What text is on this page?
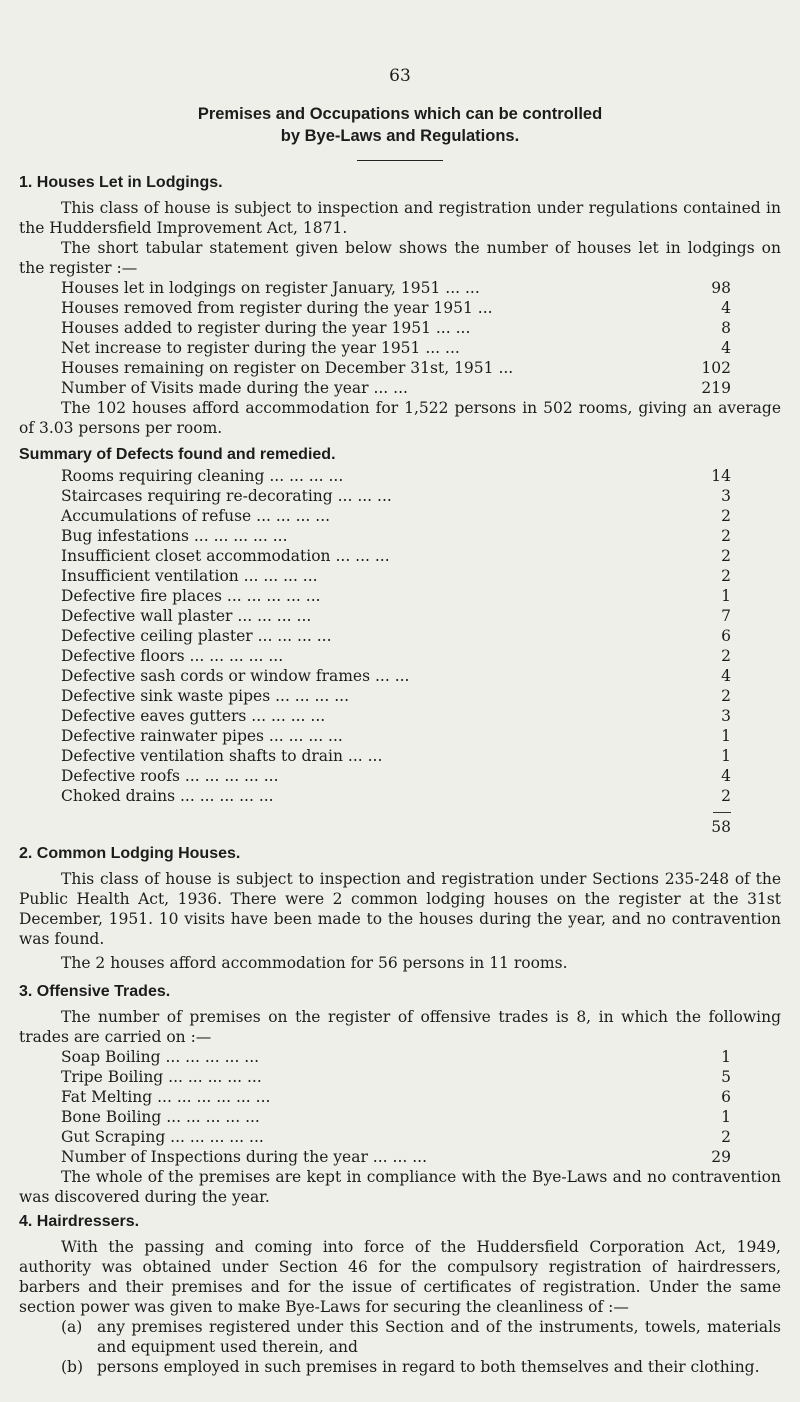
63
Premises and Occupations which can be controlled
by Bye-Laws and Regulations.
1. Houses Let in Lodgings.

This class of house is subject to inspection and registration under regulations contained in the Huddersfield Improvement Act, 1871.

The short tabular statement given below shows the number of houses let in lodgings on the register :—

Houses let in lodgings on register January, 1951 ... ...	98
Houses removed from register during the year 1951 ...	4
Houses added to register during the year 1951 ... ...	8
Net increase to register during the year 1951 ... ...	4
Houses remaining on register on December 31st, 1951 ...	102
Number of Visits made during the year ... ...	219

The 102 houses afford accommodation for 1,522 persons in 502 rooms, giving an average of 3.03 persons per room.

Summary of Defects found and remedied.
Rooms requiring cleaning ... ... ... ...	14
Staircases requiring re-decorating ... ... ...	3
Accumulations of refuse ... ... ... ...	2
Bug infestations ... ... ... ... ...	2
Insufficient closet accommodation ... ... ...	2
Insufficient ventilation ... ... ... ...	2
Defective fire places ... ... ... ... ...	1
Defective wall plaster ... ... ... ...	7
Defective ceiling plaster ... ... ... ...	6
Defective floors ... ... ... ... ...	2
Defective sash cords or window frames ... ...	4
Defective sink waste pipes ... ... ... ...	2
Defective eaves gutters ... ... ... ...	3
Defective rainwater pipes ... ... ... ...	1
Defective ventilation shafts to drain ... ...	1
Defective roofs ... ... ... ... ...	4
Choked drains ... ... ... ... ...	2
58
2. Common Lodging Houses.

This class of house is subject to inspection and registration under Sections 235-248 of the Public Health Act, 1936. There were 2 common lodging houses on the register at the 31st December, 1951. 10 visits have been made to the houses during the year, and no contravention was found.

The 2 houses afford accommodation for 56 persons in 11 rooms.

3. Offensive Trades.

The number of premises on the register of offensive trades is 8, in which the following trades are carried on :—

Soap Boiling ... ... ... ... ...	1
Tripe Boiling ... ... ... ... ...	5
Fat Melting ... ... ... ... ... ...	6
Bone Boiling ... ... ... ... ...	1
Gut Scraping ... ... ... ... ...	2
Number of Inspections during the year ... ... ...	29

The whole of the premises are kept in compliance with the Bye-Laws and no contravention was discovered during the year.

4. Hairdressers.

With the passing and coming into force of the Huddersfield Corporation Act, 1949, authority was obtained under Section 46 for the compulsory registration of hairdressers, barbers and their premises and for the issue of certificates of registration. Under the same section power was given to make Bye-Laws for securing the cleanliness of :—

(a) any premises registered under this Section and of the instruments, towels, materials and equipment used therein, and
(b) persons employed in such premises in regard to both themselves and their clothing.
